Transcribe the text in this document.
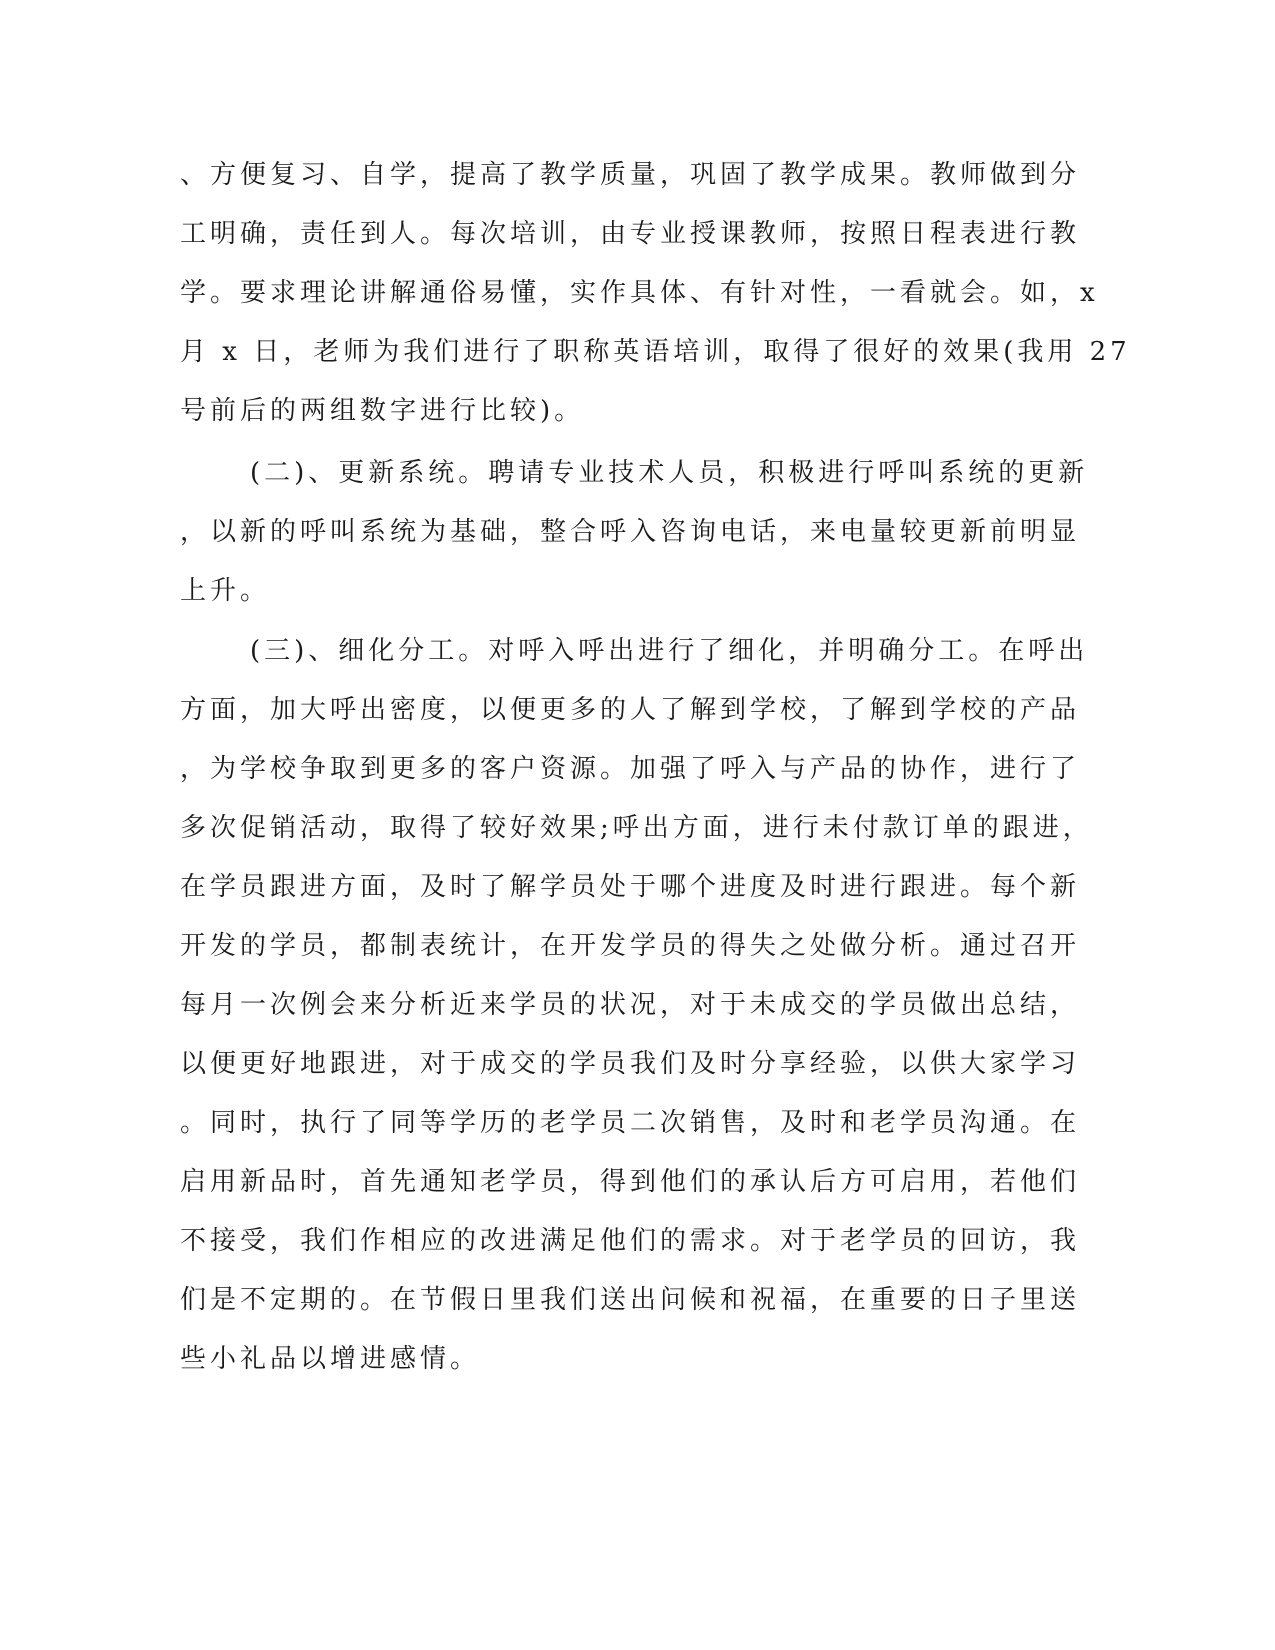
、方便复习、自学，提高了教学质量，巩固了教学成果。教师做到分
工明确，责任到人。每次培训，由专业授课教师，按照日程表进行教
学。要求理论讲解通俗易懂，实作具体、有针对性，一看就会。如，x
月 x 日，老师为我们进行了职称英语培训，取得了很好的效果(我用 27
号前后的两组数字进行比较)。
(二)、更新系统。聘请专业技术人员，积极进行呼叫系统的更新
，以新的呼叫系统为基础，整合呼入咨询电话，来电量较更新前明显
上升。
(三)、细化分工。对呼入呼出进行了细化，并明确分工。在呼出
方面，加大呼出密度，以便更多的人了解到学校，了解到学校的产品
，为学校争取到更多的客户资源。加强了呼入与产品的协作，进行了
多次促销活动，取得了较好效果;呼出方面，进行未付款订单的跟进，
在学员跟进方面，及时了解学员处于哪个进度及时进行跟进。每个新
开发的学员，都制表统计，在开发学员的得失之处做分析。通过召开
每月一次例会来分析近来学员的状况，对于未成交的学员做出总结，
以便更好地跟进，对于成交的学员我们及时分享经验，以供大家学习
。同时，执行了同等学历的老学员二次销售，及时和老学员沟通。在
启用新品时，首先通知老学员，得到他们的承认后方可启用，若他们
不接受，我们作相应的改进满足他们的需求。对于老学员的回访，我
们是不定期的。在节假日里我们送出问候和祝福，在重要的日子里送
些小礼品以增进感情。
